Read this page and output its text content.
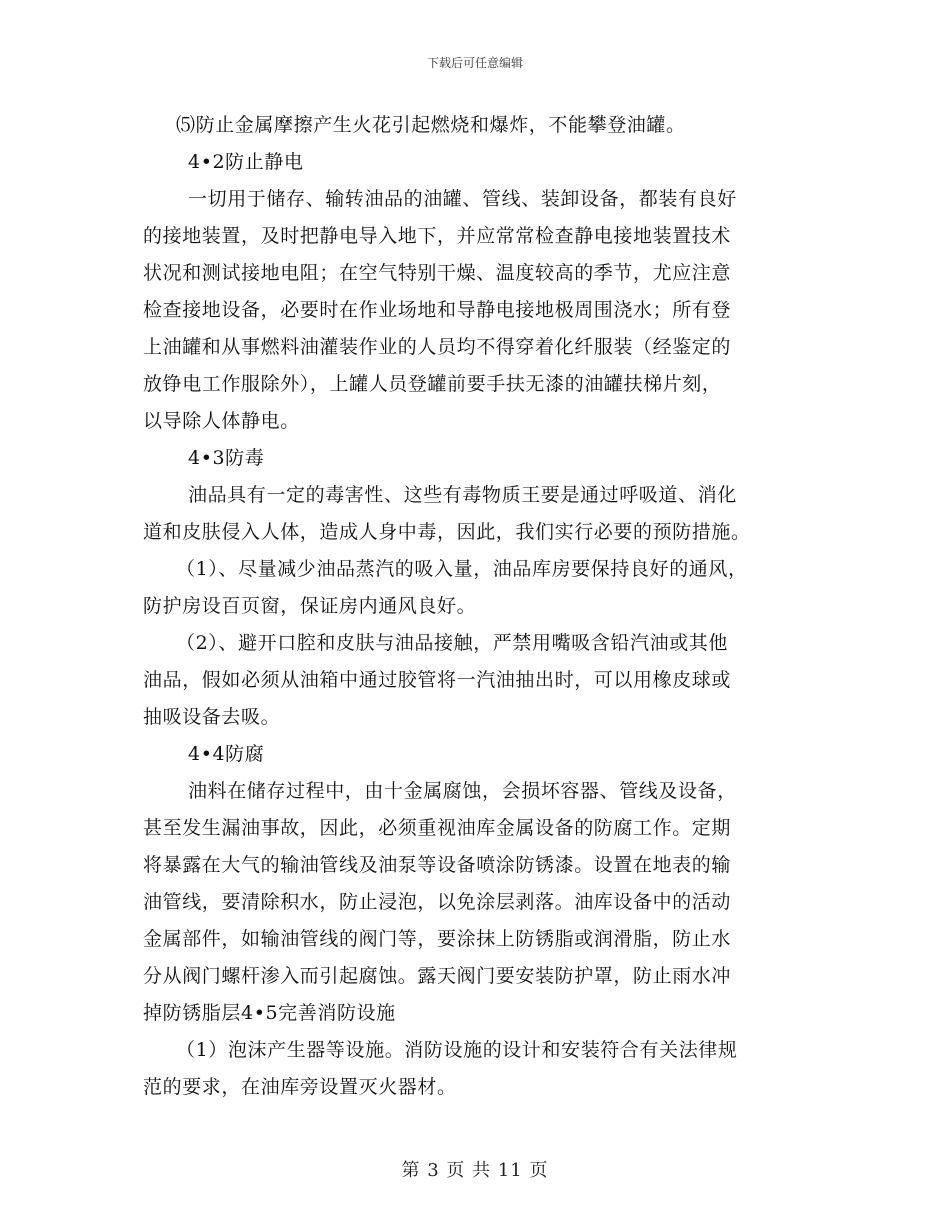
下载后可任意编辑
⑸防止金属摩擦产生火花引起燃烧和爆炸，不能攀登油罐。
4•2防止静电
一切用于储存、输转油品的油罐、管线、装卸设备，都装有良好
的接地装置，及时把静电导入地下，并应常常检查静电接地装置技术
状况和测试接地电阻；在空气特别干燥、温度较高的季节，尤应注意
检查接地设备，必要时在作业场地和导静电接地极周围浇水；所有登
上油罐和从事燃料油灌装作业的人员均不得穿着化纤服装（经鉴定的
放铮电工作服除外），上罐人员登罐前要手扶无漆的油罐扶梯片刻，
以导除人体静电。
4•3防毒
油品具有一定的毒害性、这些有毒物质王要是通过呼吸道、消化
道和皮肤侵入人体，造成人身中毒，因此，我们实行必要的预防措施。
（1）、尽量减少油品蒸汽的吸入量，油品库房要保持良好的通风，
防护房设百页窗，保证房内通风良好。
（2）、避开口腔和皮肤与油品接触，严禁用嘴吸含铅汽油或其他
油品，假如必须从油箱中通过胶管将一汽油抽出时，可以用橡皮球或
抽吸设备去吸。
4•4防腐
油料在储存过程中，由十金属腐蚀，会损坏容器、管线及设备，
甚至发生漏油事故，因此，必须重视油库金属设备的防腐工作。定期
将暴露在大气的输油管线及油泵等设备喷涂防锈漆。设置在地表的输
油管线，要清除积水，防止浸泡，以免涂层剥落。油库设备中的活动
金属部件，如输油管线的阀门等，要涂抹上防锈脂或润滑脂，防止水
分从阀门螺杆渗入而引起腐蚀。露天阀门要安装防护罩，防止雨水冲
掉防锈脂层4•5完善消防设施
（1）泡沫产生器等设施。消防设施的设计和安装符合有关法律规
范的要求，在油库旁设置灭火器材。
第 3 页 共 11 页
